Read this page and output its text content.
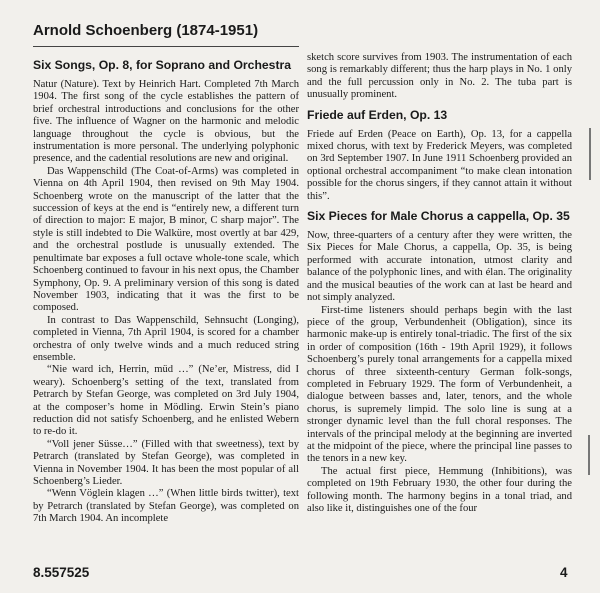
Arnold Schoenberg (1874-1951)
Six Songs, Op. 8, for Soprano and Orchestra

Natur (Nature). Text by Heinrich Hart. Completed 7th March 1904. The first song of the cycle establishes the pattern of brief orchestral introductions and conclusions for the other five. The influence of Wagner on the harmonic and melodic language throughout the cycle is obvious, but the instrumentation is more personal. The underlying polyphonic presence, and the cadential resolutions are new and original.

Das Wappenschild (The Coat-of-Arms) was completed in Vienna on 4th April 1904, then revised on 9th May 1904. Schoenberg wrote on the manuscript of the latter that the succession of keys at the end is “entirely new, a different turn of direction to major: E major, B minor, C sharp major”. The style is still indebted to Die Walküre, most overtly at bar 429, and the orchestral postlude is unusually extended. The penultimate bar exposes a full octave whole-tone scale, which Schoenberg continued to favour in his next opus, the Chamber Symphony, Op. 9. A preliminary version of this song is dated November 1903, indicating that it was the first to be composed.

In contrast to Das Wappenschild, Sehnsucht (Longing), completed in Vienna, 7th April 1904, is scored for a chamber orchestra of only twelve winds and a much reduced string ensemble.

“Nie ward ich, Herrin, müd …” (Ne’er, Mistress, did I weary). Schoenberg’s setting of the text, translated from Petrarch by Stefan George, was completed on 3rd July 1904, at the composer’s home in Mödling. Erwin Stein’s piano reduction did not satisfy Schoenberg, and he enlisted Webern to re-do it.

“Voll jener Süsse…” (Filled with that sweetness), text by Petrarch (translated by Stefan George), was completed in Vienna in November 1904. It has been the most popular of all Schoenberg’s Lieder.

“Wenn Vöglein klagen …” (When little birds twitter), text by Petrarch (translated by Stefan George), was completed on 7th March 1904. An incomplete

sketch score survives from 1903. The instrumentation of each song is remarkably different; thus the harp plays in No. 1 only and the full percussion only in No. 2. The tuba part is unusually prominent.

Friede auf Erden, Op. 13

Friede auf Erden (Peace on Earth), Op. 13, for a cappella mixed chorus, with text by Frederick Meyers, was completed on 3rd September 1907. In June 1911 Schoenberg provided an optional orchestral accompaniment “to make clean intonation possible for the chorus singers, if they cannot attain it without this”.

Six Pieces for Male Chorus a cappella, Op. 35

Now, three-quarters of a century after they were written, the Six Pieces for Male Chorus, a cappella, Op. 35, is being performed with accurate intonation, utmost clarity and balance of the polyphonic lines, and with élan. The originality and the musical beauties of the work can at last be heard and not simply analyzed.

First-time listeners should perhaps begin with the last piece of the group, Verbundenheit (Obligation), since its harmonic make-up is entirely tonal-triadic. The first of the six in order of composition (16th - 19th April 1929), it follows Schoenberg’s purely tonal arrangements for a cappella mixed chorus of three sixteenth-century German folk-songs, completed in February 1929. The form of Verbundenheit, a dialogue between basses and, later, tenors, and the whole chorus, is supremely limpid. The solo line is sung at a stronger dynamic level than the full choral responses. The intervals of the principal melody at the beginning are inverted at the midpoint of the piece, where the principal line passes to the tenors in a new key.

The actual first piece, Hemmung (Inhibitions), was completed on 19th February 1930, the other four during the following month. The harmony begins in a tonal triad, and also like it, distinguishes one of the four

8.557525	4
